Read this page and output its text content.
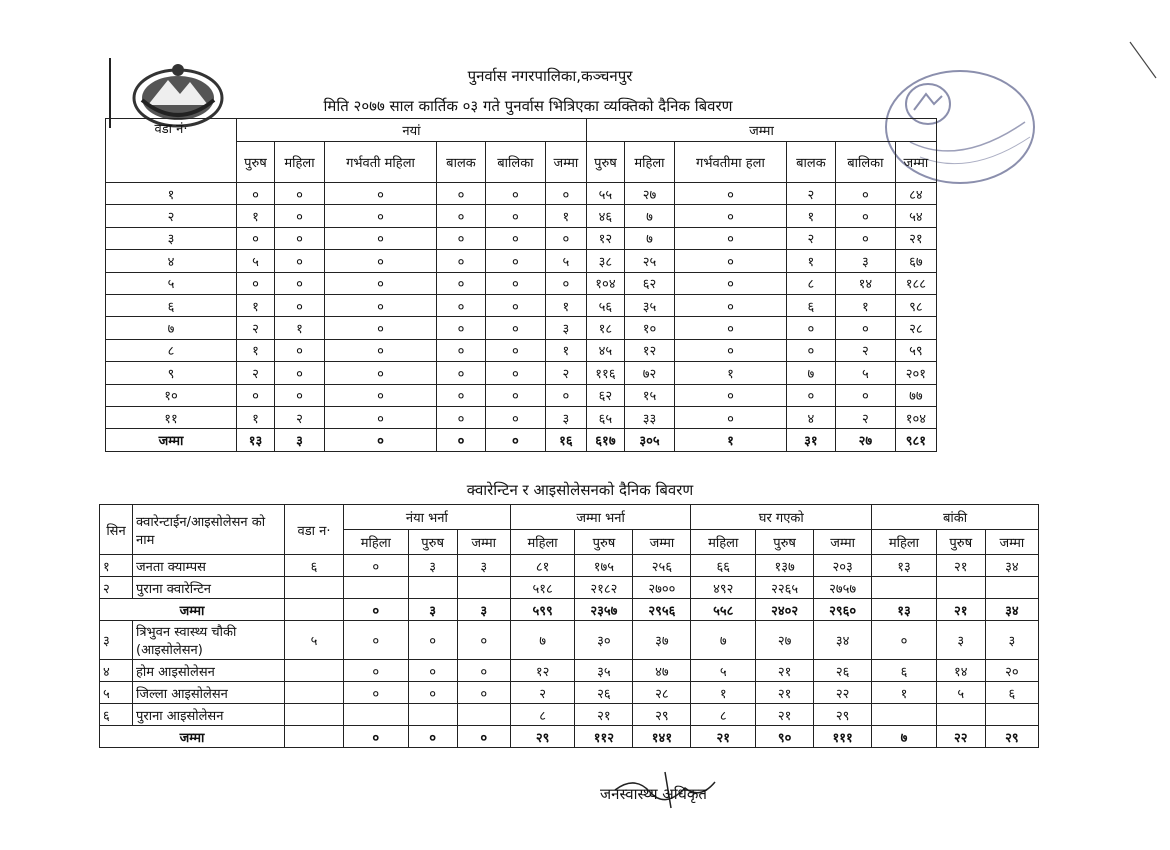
पुनर्वास नगरपालिका,कञ्चनपुर
मिति २०७७ साल कार्तिक ०३ गते पुनर्वास भित्रिएका व्यक्तिको दैनिक बिवरण
वडा नं·	नयां						जम्मा					
	पुरुष	महिला	गर्भवती महिला	बालक	बालिका	जम्मा	पुरुष	महिला	गर्भवतीमा हला	बालक	बालिका	जम्मा
१	०	०	०	०	०	०	५५	२७	०	२	०	८४
२	१	०	०	०	०	१	४६	७	०	१	०	५४
३	०	०	०	०	०	०	१२	७	०	२	०	२१
४	५	०	०	०	०	५	३८	२५	०	१	३	६७
५	०	०	०	०	०	०	१०४	६२	०	८	१४	१८८
६	१	०	०	०	०	१	५६	३५	०	६	१	९८
७	२	१	०	०	०	३	१८	१०	०	०	०	२८
८	१	०	०	०	०	१	४५	१२	०	०	२	५९
९	२	०	०	०	०	२	११६	७२	१	७	५	२०१
१०	०	०	०	०	०	०	६२	१५	०	०	०	७७
११	१	२	०	०	०	३	६५	३३	०	४	२	१०४
जम्मा	१३	३	०	०	०	१६	६१७	३०५	१	३१	२७	९८१
क्वारेन्टिन र आइसोलेसनको दैनिक बिवरण
सिन	क्वारेन्टाईन/आइसोलेसन को नाम	वडा न·	नंया भर्ना			जम्मा भर्ना			घर गएको			बांकी		
			महिला	पुरुष	जम्मा	महिला	पुरुष	जम्मा	महिला	पुरुष	जम्मा	महिला	पुरुष	जम्मा
१	जनता क्याम्पस	६	०	३	३	८१	१७५	२५६	६६	१३७	२०३	१३	२१	३४
२	पुराना क्वारेन्टिन					५१८	२१८२	२७००	४९२	२२६५	२७५७			
जम्मा			०	३	३	५९९	२३५७	२९५६	५५८	२४०२	२९६०	१३	२१	३४
३	त्रिभुवन स्वास्थ्य चौकी (आइसोलेसन)	५	०	०	०	७	३०	३७	७	२७	३४	०	३	३
४	होम आइसोलेसन		०	०	०	१२	३५	४७	५	२१	२६	६	१४	२०
५	जिल्ला आइसोलेसन		०	०	०	२	२६	२८	१	२१	२२	१	५	६
६	पुराना आइसोलेसन					८	२१	२९	८	२१	२९			
जम्मा			०	०	०	२९	११२	१४१	२१	९०	१११	७	२२	२९
जनस्वास्थ्य अधिकृत
